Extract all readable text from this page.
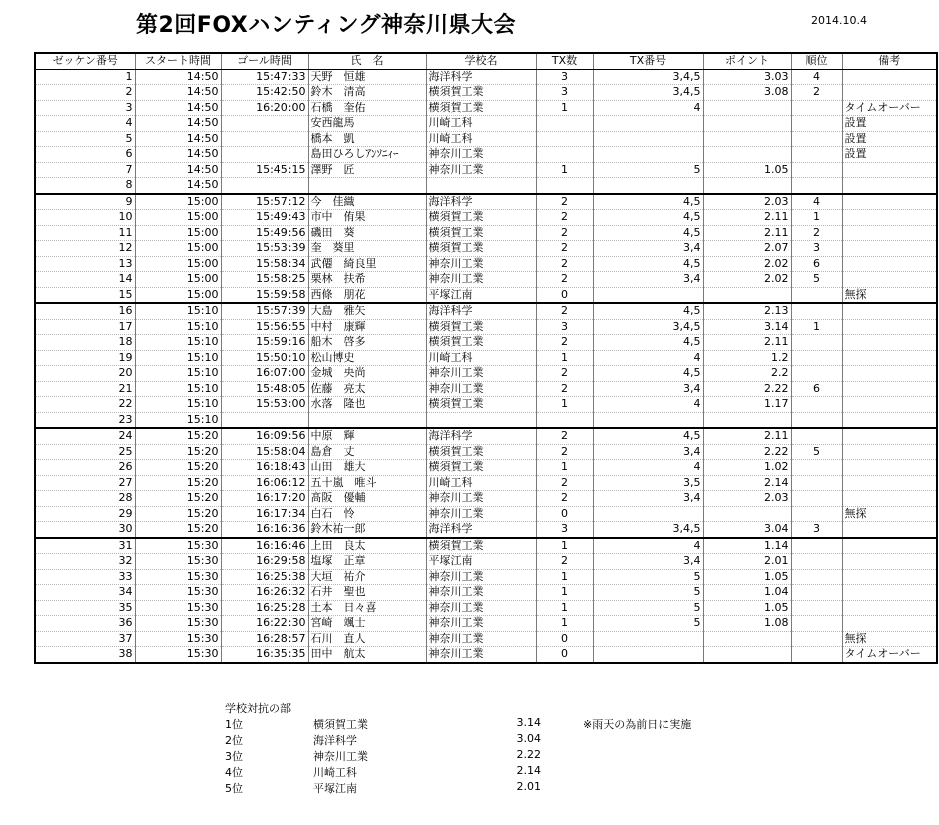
第2回FOXハンティング神奈川県大会	2014.10.4
ゼッケン番号	スタート時間	ゴール時間	氏　名	学校名	TX数	TX番号	ポイント	順位	備考
1	14:50	15:47:33	天野　恒雄	海洋科学	3	3,4,5	3.03	4	
2	14:50	15:42:50	鈴木　清高	横須賀工業	3	3,4,5	3.08	2	
3	14:50	16:20:00	石橋　奎佑	横須賀工業	1	4			タイムオーバー
4	14:50		安西龍馬	川崎工科					設置
5	14:50		橋本　凱	川崎工科					設置
6	14:50		島田ひろしｱﾝｿﾆｨｰ	神奈川工業					設置
7	14:50	15:45:15	澤野　匠	神奈川工業	1	5	1.05		
8	14:50								
9	15:00	15:57:12	今　佳織	海洋科学	2	4,5	2.03	4	
10	15:00	15:49:43	市中　侑果	横須賀工業	2	4,5	2.11	1	
11	15:00	15:49:56	磯田　葵	横須賀工業	2	4,5	2.11	2	
12	15:00	15:53:39	奎　葵里	横須賀工業	2	3,4	2.07	3	
13	15:00	15:58:34	武僊　綺良里	神奈川工業	2	4,5	2.02	6	
14	15:00	15:58:25	栗林　扶希	神奈川工業	2	3,4	2.02	5	
15	15:00	15:59:58	西條　朋花	平塚江南	0				無探
16	15:10	15:57:39	大島　雅矢	海洋科学	2	4,5	2.13		
17	15:10	15:56:55	中村　康輝	横須賀工業	3	3,4,5	3.14	1	
18	15:10	15:59:16	船木　啓多	横須賀工業	2	4,5	2.11		
19	15:10	15:50:10	松山博史	川崎工科	1	4	1.2		
20	15:10	16:07:00	金城　央尚	神奈川工業	2	4,5	2.2		
21	15:10	15:48:05	佐藤　亮太	神奈川工業	2	3,4	2.22	6	
22	15:10	15:53:00	水落　隆也	横須賀工業	1	4	1.17		
23	15:10								
24	15:20	16:09:56	中原　輝	海洋科学	2	4,5	2.11		
25	15:20	15:58:04	島倉　丈	横須賀工業	2	3,4	2.22	5	
26	15:20	16:18:43	山田　雄大	横須賀工業	1	4	1.02		
27	15:20	16:06:12	五十嵐　唯斗	川崎工科	2	3,5	2.14		
28	15:20	16:17:20	髙阪　優輔	神奈川工業	2	3,4	2.03		
29	15:20	16:17:34	白石　怜	神奈川工業	0				無探
30	15:20	16:16:36	鈴木祐一郎	海洋科学	3	3,4,5	3.04	3	
31	15:30	16:16:46	上田　良太	横須賀工業	1	4	1.14		
32	15:30	16:29:58	塩塚　正章	平塚江南	2	3,4	2.01		
33	15:30	16:25:38	大垣　祐介	神奈川工業	1	5	1.05		
34	15:30	16:26:32	石井　聖也	神奈川工業	1	5	1.04		
35	15:30	16:25:28	土本　日々喜	神奈川工業	1	5	1.05		
36	15:30	16:22:30	宮崎　颯士	神奈川工業	1	5	1.08		
37	15:30	16:28:57	石川　直人	神奈川工業	0				無探
38	15:30	16:35:35	田中　航太	神奈川工業	0				タイムオーバー
学校対抗の部
1位	横須賀工業	3.14
2位	海洋科学	3.04
3位	神奈川工業	2.22
4位	川崎工科	2.14
5位	平塚江南	2.01
※雨天の為前日に実施
